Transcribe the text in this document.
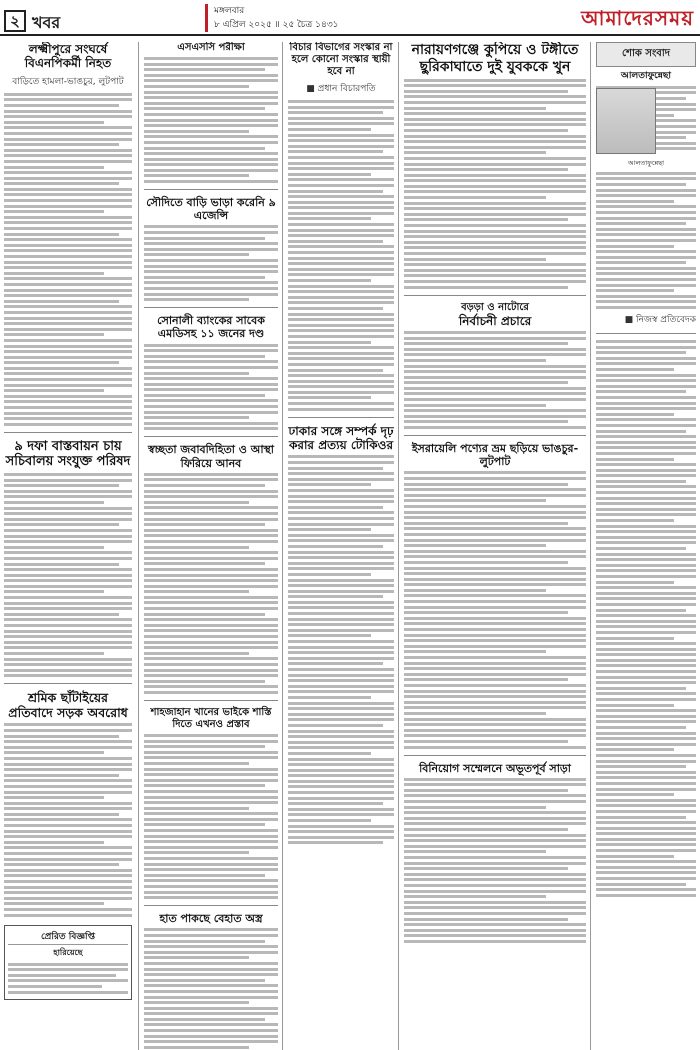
২ খবর
মঙ্গলবার
৮ এপ্রিল ২০২৫ ॥ ২৫ চৈত্র ১৪৩১	আমাদেরসময়
লক্ষ্মীপুরে সংঘর্ষে বিএনপিকর্মী নিহত
বাড়িতে হামলা-ভাঙচুর, লুটপাট
৯ দফা বাস্তবায়ন চায় সচিবালয় সংযুক্ত পরিষদ
শ্রমিক ছাঁটাইয়ের প্রতিবাদে সড়ক অবরোধ
প্রেরিত বিজ্ঞপ্তি
হারিয়েছে
এসএসসি পরীক্ষা
সৌদিতে বাড়ি ভাড়া করেনি ৯ এজেন্সি
সোনালী ব্যাংকের সাবেক এমডিসহ ১১ জনের দণ্ড
স্বচ্ছতা জবাবদিহিতা ও আস্থা ফিরিয়ে আনব
শাহজাহান খানের ভাইকে শাস্তি দিতে এখনও প্রস্তাব
হাত পাকছে বেহাত অস্ত্র
বিচার বিভাগের সংস্কার না হলে কোনো সংস্কার স্থায়ী হবে না
■ প্রধান বিচারপতি
ঢাকার সঙ্গে সম্পর্ক দৃঢ় করার প্রত্যয় টোকিওর
নারায়ণগঞ্জে কুপিয়ে ও টঙ্গীতে ছুরিকাঘাতে দুই যুবককে খুন
বড়ড়া ও নাটোরে
নির্বাচনী প্রচারে
ইসরায়েলি পণ্যের ভ্রম ছড়িয়ে ভাঙচুর-লুটপাট
বিনিয়োগ সম্মেলনে অভূতপূর্ব সাড়া
শোক সংবাদ
আলতাফুন্নেছা
আলতাফুন্নেছা
■ নিজস্ব প্রতিবেদক
